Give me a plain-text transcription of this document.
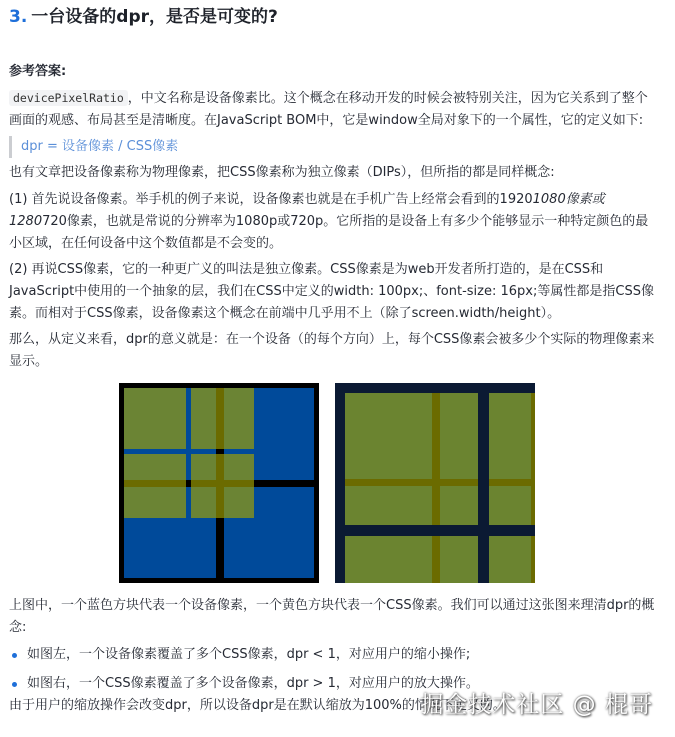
3. 一台设备的dpr，是否是可变的?
参考答案:

devicePixelRatio ，中文名称是设备像素比。这个概念在移动开发的时候会被特别关注，因为它关系到了整个画面的观感、布局甚至是清晰度。在JavaScript BOM中，它是window全局对象下的一个属性，它的定义如下:

dpr = 设备像素 / CSS像素

也有文章把设备像素称为物理像素，把CSS像素称为独立像素（DIPs），但所指的都是同样概念:

(1) 首先说设备像素。举手机的例子来说，设备像素也就是在手机广告上经常会看到的19201080像素或1280720像素，也就是常说的分辨率为1080p或720p。它所指的是设备上有多少个能够显示一种特定颜色的最小区域，在任何设备中这个数值都是不会变的。

(2) 再说CSS像素，它的一种更广义的叫法是独立像素。CSS像素是为web开发者所打造的，是在CSS和JavaScript中使用的一个抽象的层，我们在CSS中定义的width: 100px;、font-size: 16px;等属性都是指CSS像素。而相对于CSS像素，设备像素这个概念在前端中几乎用不上（除了screen.width/height）。

那么，从定义来看，dpr的意义就是：在一个设备（的每个方向）上，每个CSS像素会被多少个实际的物理像素来显示。

上图中，一个蓝色方块代表一个设备像素，一个黄色方块代表一个CSS像素。我们可以通过这张图来理清dpr的概念:

如图左，一个设备像素覆盖了多个CSS像素，dpr < 1，对应用户的缩小操作;
如图右，一个CSS像素覆盖了多个设备像素，dpr > 1，对应用户的放大操作。

由于用户的缩放操作会改变dpr，所以设备dpr是在默认缩放为100%的情况下定义的。

掘金技术社区 @ 棍哥
